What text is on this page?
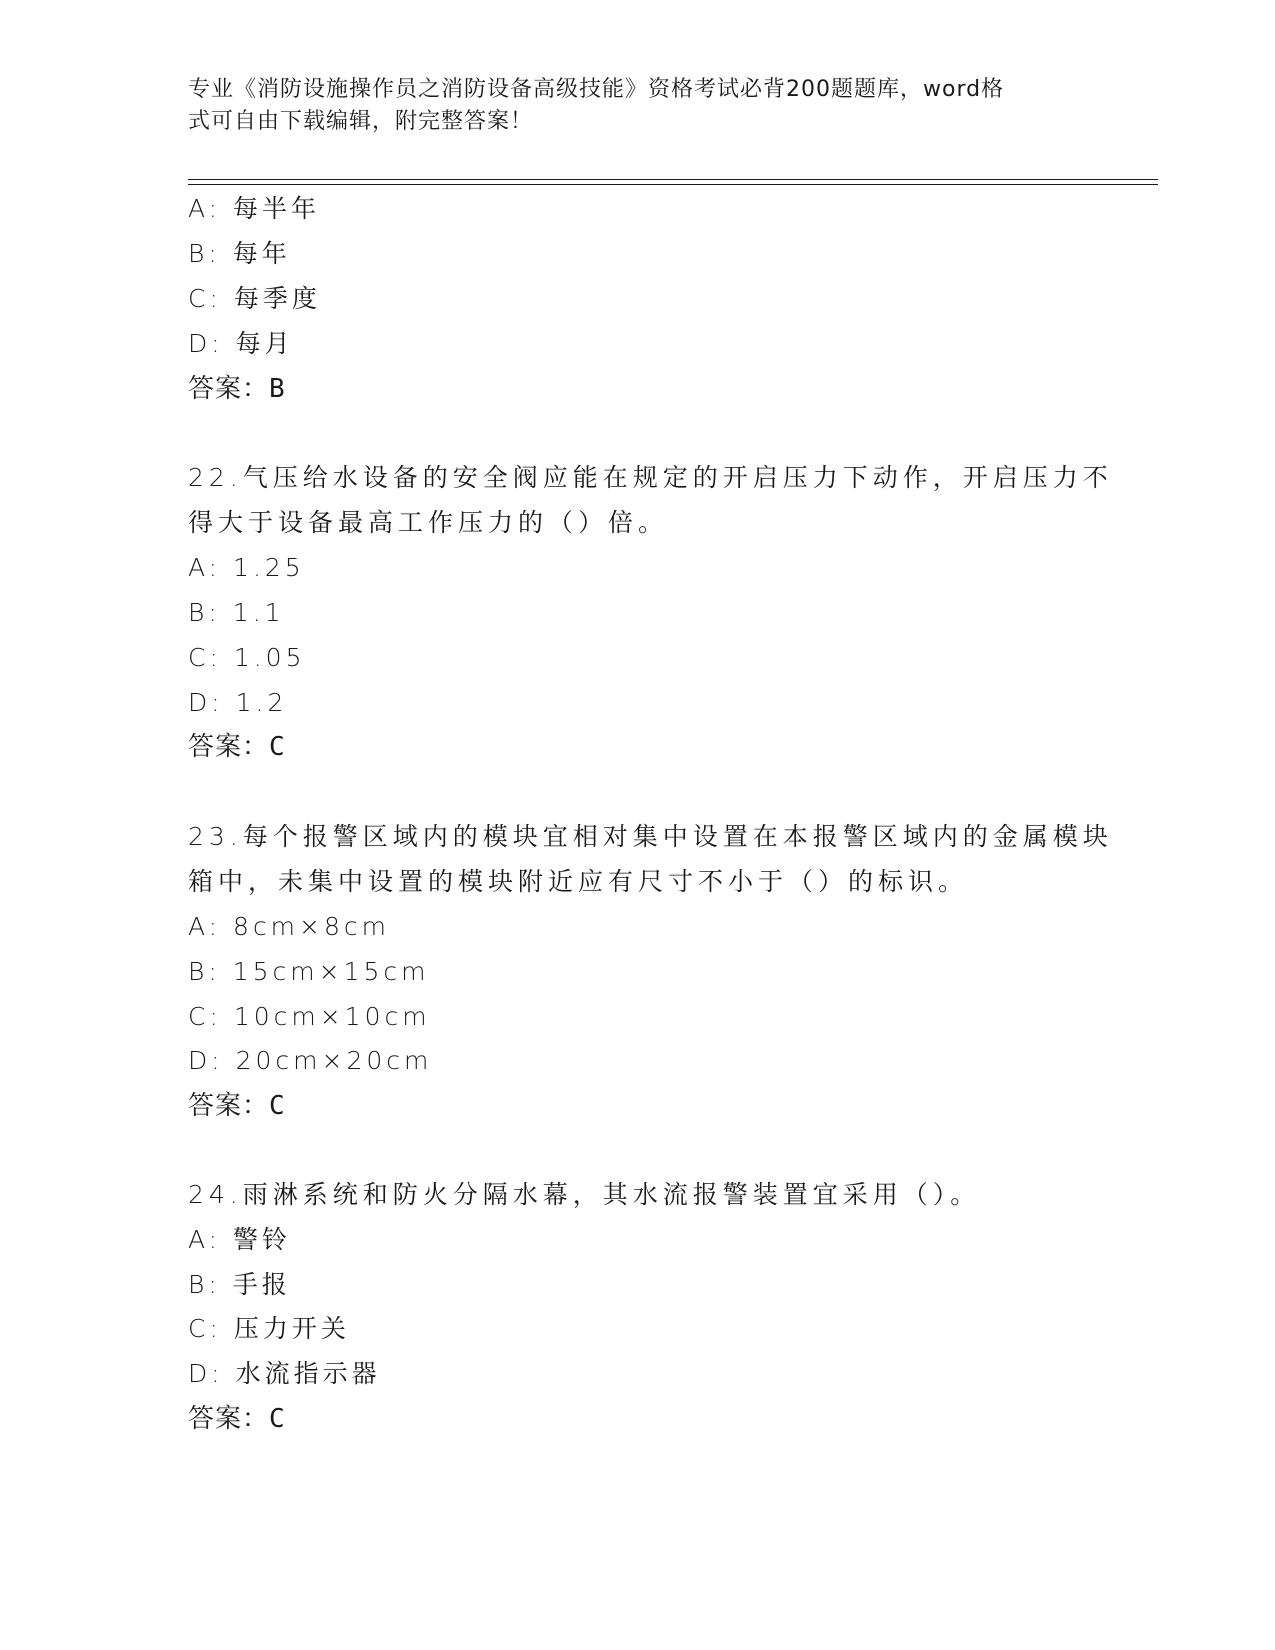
专业《消防设施操作员之消防设备高级技能》资格考试必背200题题库，word格
式可自由下载编辑，附完整答案！
A: 每半年
B: 每年
C: 每季度
D: 每月
答案：B
22.气压给水设备的安全阀应能在规定的开启压力下动作，开启压力不
得大于设备最高工作压力的（）倍。
A: 1.25
B: 1.1
C: 1.05
D: 1.2
答案：C
23.每个报警区域内的模块宜相对集中设置在本报警区域内的金属模块
箱中，未集中设置的模块附近应有尺寸不小于（）的标识。
A: 8cm×8cm
B: 15cm×15cm
C: 10cm×10cm
D: 20cm×20cm
答案：C
24.雨淋系统和防火分隔水幕，其水流报警装置宜采用（）。
A: 警铃
B: 手报
C: 压力开关
D: 水流指示器
答案：C
